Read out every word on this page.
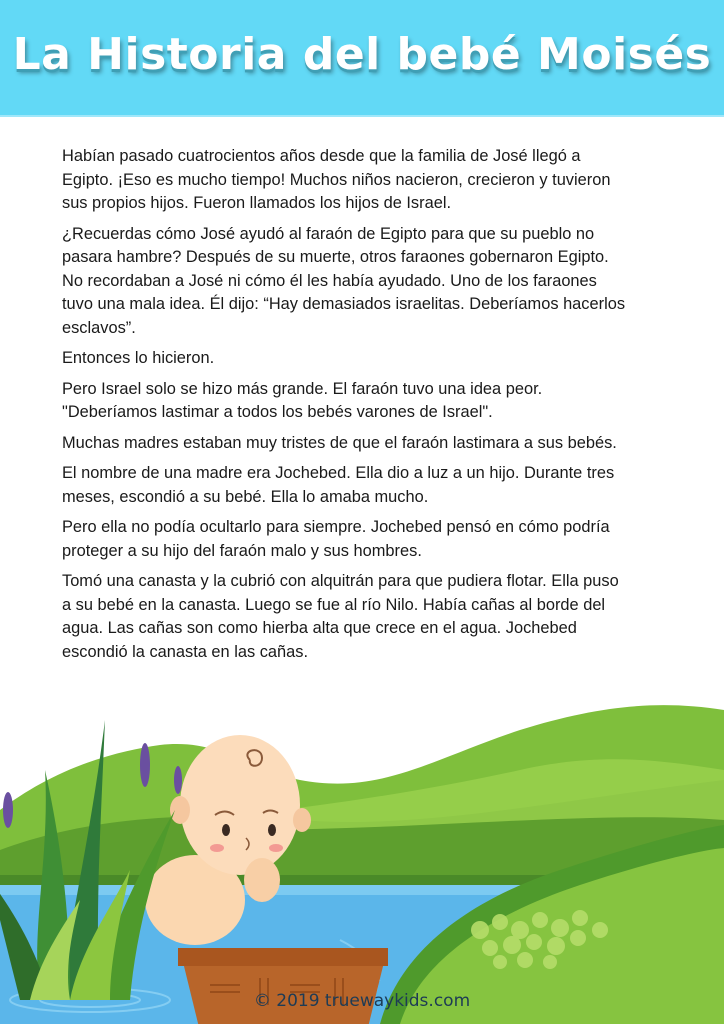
La Historia del bebé Moisés

Habían pasado cuatrocientos años desde que la familia de José llegó a Egipto. ¡Eso es mucho tiempo! Muchos niños nacieron, crecieron y tuvieron sus propios hijos. Fueron llamados los hijos de Israel.

¿Recuerdas cómo José ayudó al faraón de Egipto para que su pueblo no pasara hambre? Después de su muerte, otros faraones gobernaron Egipto. No recordaban a José ni cómo él les había ayudado. Uno de los faraones tuvo una mala idea. Él dijo: “Hay demasiados israelitas. Deberíamos hacerlos esclavos”.

Entonces lo hicieron.

Pero Israel solo se hizo más grande. El faraón tuvo una idea peor. "Deberíamos lastimar a todos los bebés varones de Israel".

Muchas madres estaban muy tristes de que el faraón lastimara a sus bebés.

El nombre de una madre era Jochebed. Ella dio a luz a un hijo. Durante tres meses, escondió a su bebé. Ella lo amaba mucho.

Pero ella no podía ocultarlo para siempre. Jochebed pensó en cómo podría proteger a su hijo del faraón malo y sus hombres.

Tomó una canasta y la cubrió con alquitrán para que pudiera flotar. Ella puso a su bebé en la canasta. Luego se fue al río Nilo. Había cañas al borde del agua. Las cañas son como hierba alta que crece en el agua. Jochebed escondió la canasta en las cañas.

© 2019 truewaykids.com
